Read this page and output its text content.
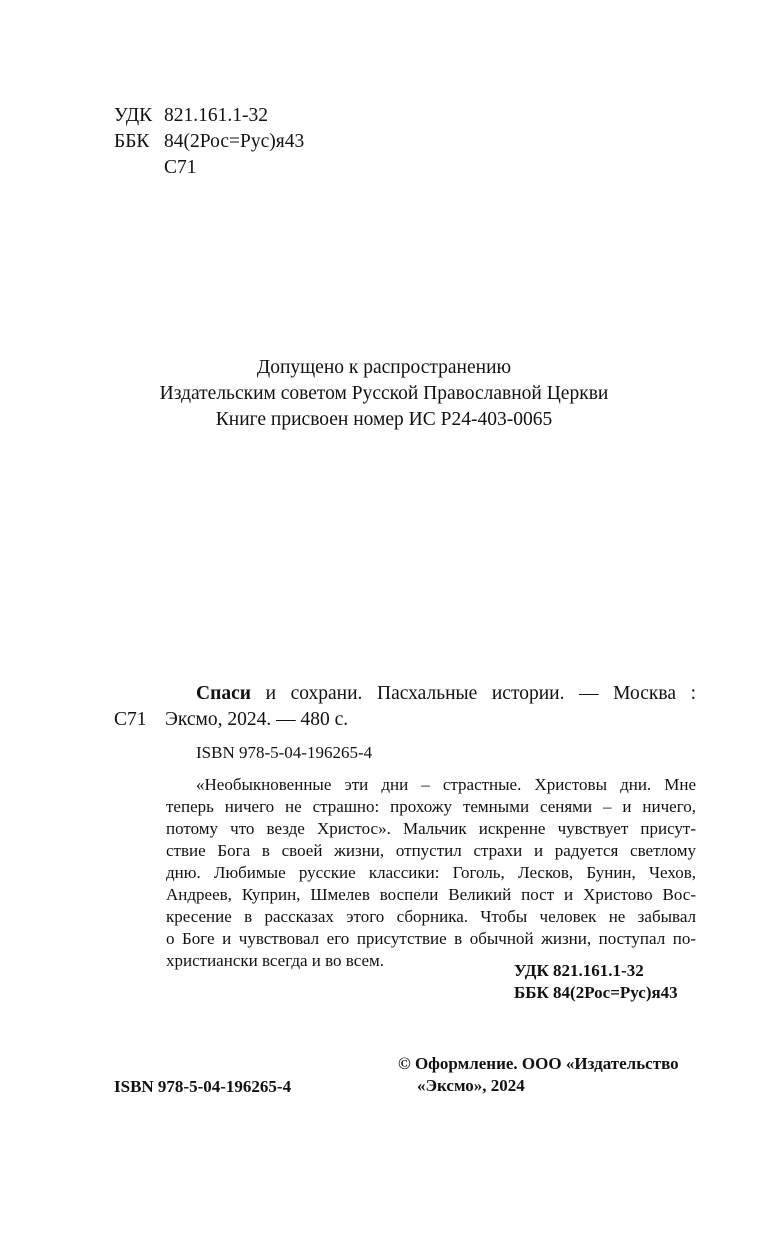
УДК 821.161.1-32
ББК 84(2Рос=Рус)я43
С71
Допущено к распространению
Издательским советом Русской Православной Церкви
Книге присвоен номер ИС Р24-403-0065
Спаси и сохрани. Пасхальные истории. — Москва :
С71 Эксмо, 2024. — 480 с.
ISBN 978-5-04-196265-4
«Необыкновенные эти дни – страстные. Христовы дни. Мне
теперь ничего не страшно: прохожу темными сенями – и ничего,
потому что везде Христос». Мальчик искренне чувствует присут-
ствие Бога в своей жизни, отпустил страхи и радуется светлому
дню. Любимые русские классики: Гоголь, Лесков, Бунин, Чехов,
Андреев, Куприн, Шмелев воспели Великий пост и Христово Вос-
кресение в рассказах этого сборника. Чтобы человек не забывал
о Боге и чувствовал его присутствие в обычной жизни, поступал по-
христиански всегда и во всем.
УДК 821.161.1-32
ББК 84(2Рос=Рус)я43
ISBN 978-5-04-196265-4
© Оформление. ООО «Издательство
«Эксмо», 2024
